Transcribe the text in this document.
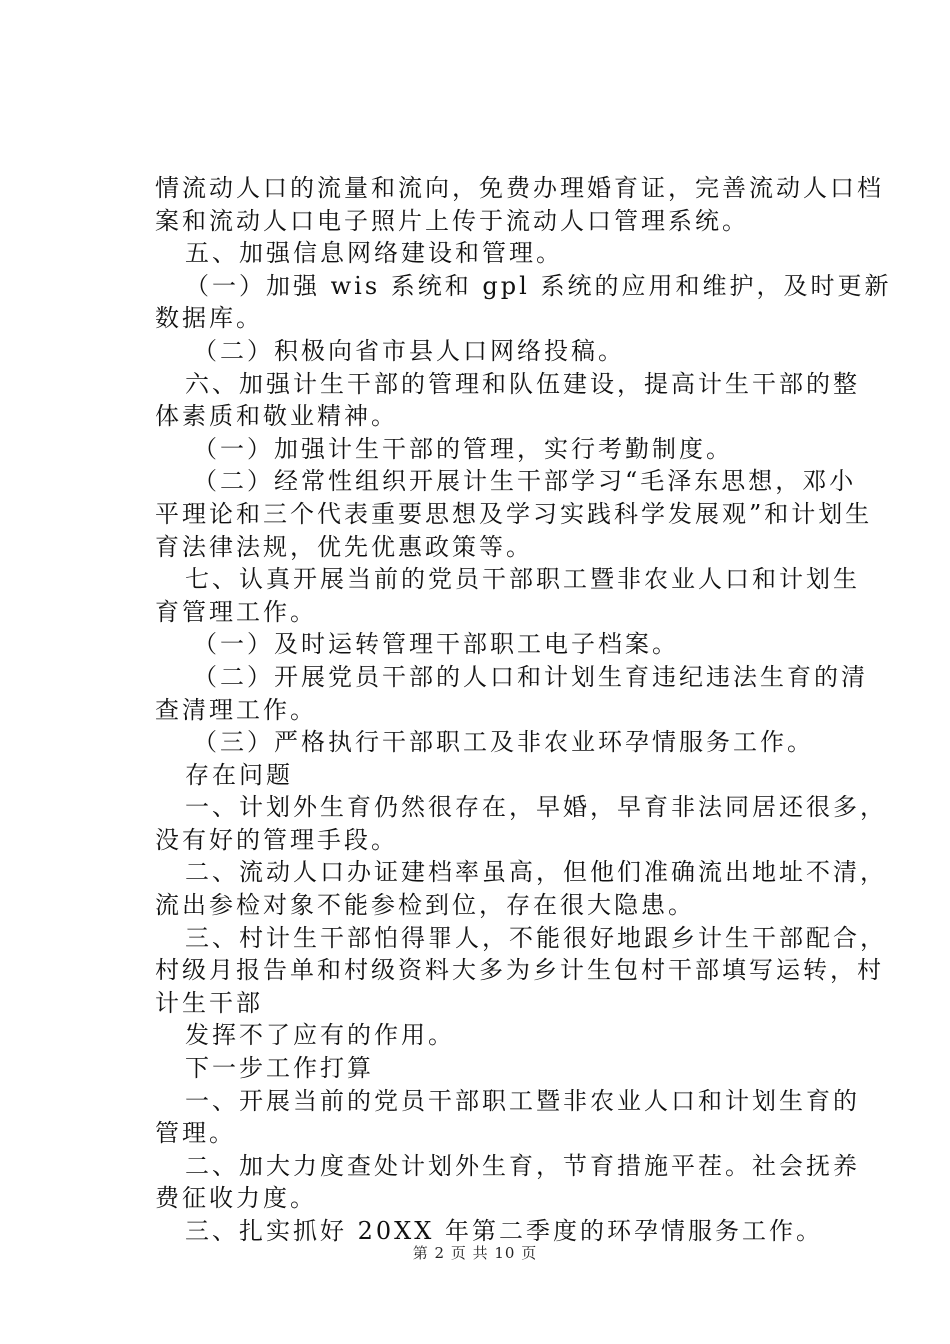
情流动人口的流量和流向，免费办理婚育证，完善流动人口档
案和流动人口电子照片上传于流动人口管理系统。
五、加强信息网络建设和管理。
（一）加强 wis 系统和 gpl 系统的应用和维护，及时更新
数据库。
（二）积极向省市县人口网络投稿。
六、加强计生干部的管理和队伍建设，提高计生干部的整
体素质和敬业精神。
（一）加强计生干部的管理，实行考勤制度。
（二）经常性组织开展计生干部学习“毛泽东思想，邓小
平理论和三个代表重要思想及学习实践科学发展观”和计划生
育法律法规，优先优惠政策等。
七、认真开展当前的党员干部职工暨非农业人口和计划生
育管理工作。
（一）及时运转管理干部职工电子档案。
（二）开展党员干部的人口和计划生育违纪违法生育的清
查清理工作。
（三）严格执行干部职工及非农业环孕情服务工作。
存在问题
一、计划外生育仍然很存在，早婚，早育非法同居还很多，
没有好的管理手段。
二、流动人口办证建档率虽高，但他们准确流出地址不清，
流出参检对象不能参检到位，存在很大隐患。
三、村计生干部怕得罪人，不能很好地跟乡计生干部配合，
村级月报告单和村级资料大多为乡计生包村干部填写运转，村
计生干部
发挥不了应有的作用。
下一步工作打算
一、开展当前的党员干部职工暨非农业人口和计划生育的
管理。
二、加大力度查处计划外生育，节育措施平茬。社会抚养
费征收力度。
三、扎实抓好 20XX 年第二季度的环孕情服务工作。
第 2 页 共 10 页
